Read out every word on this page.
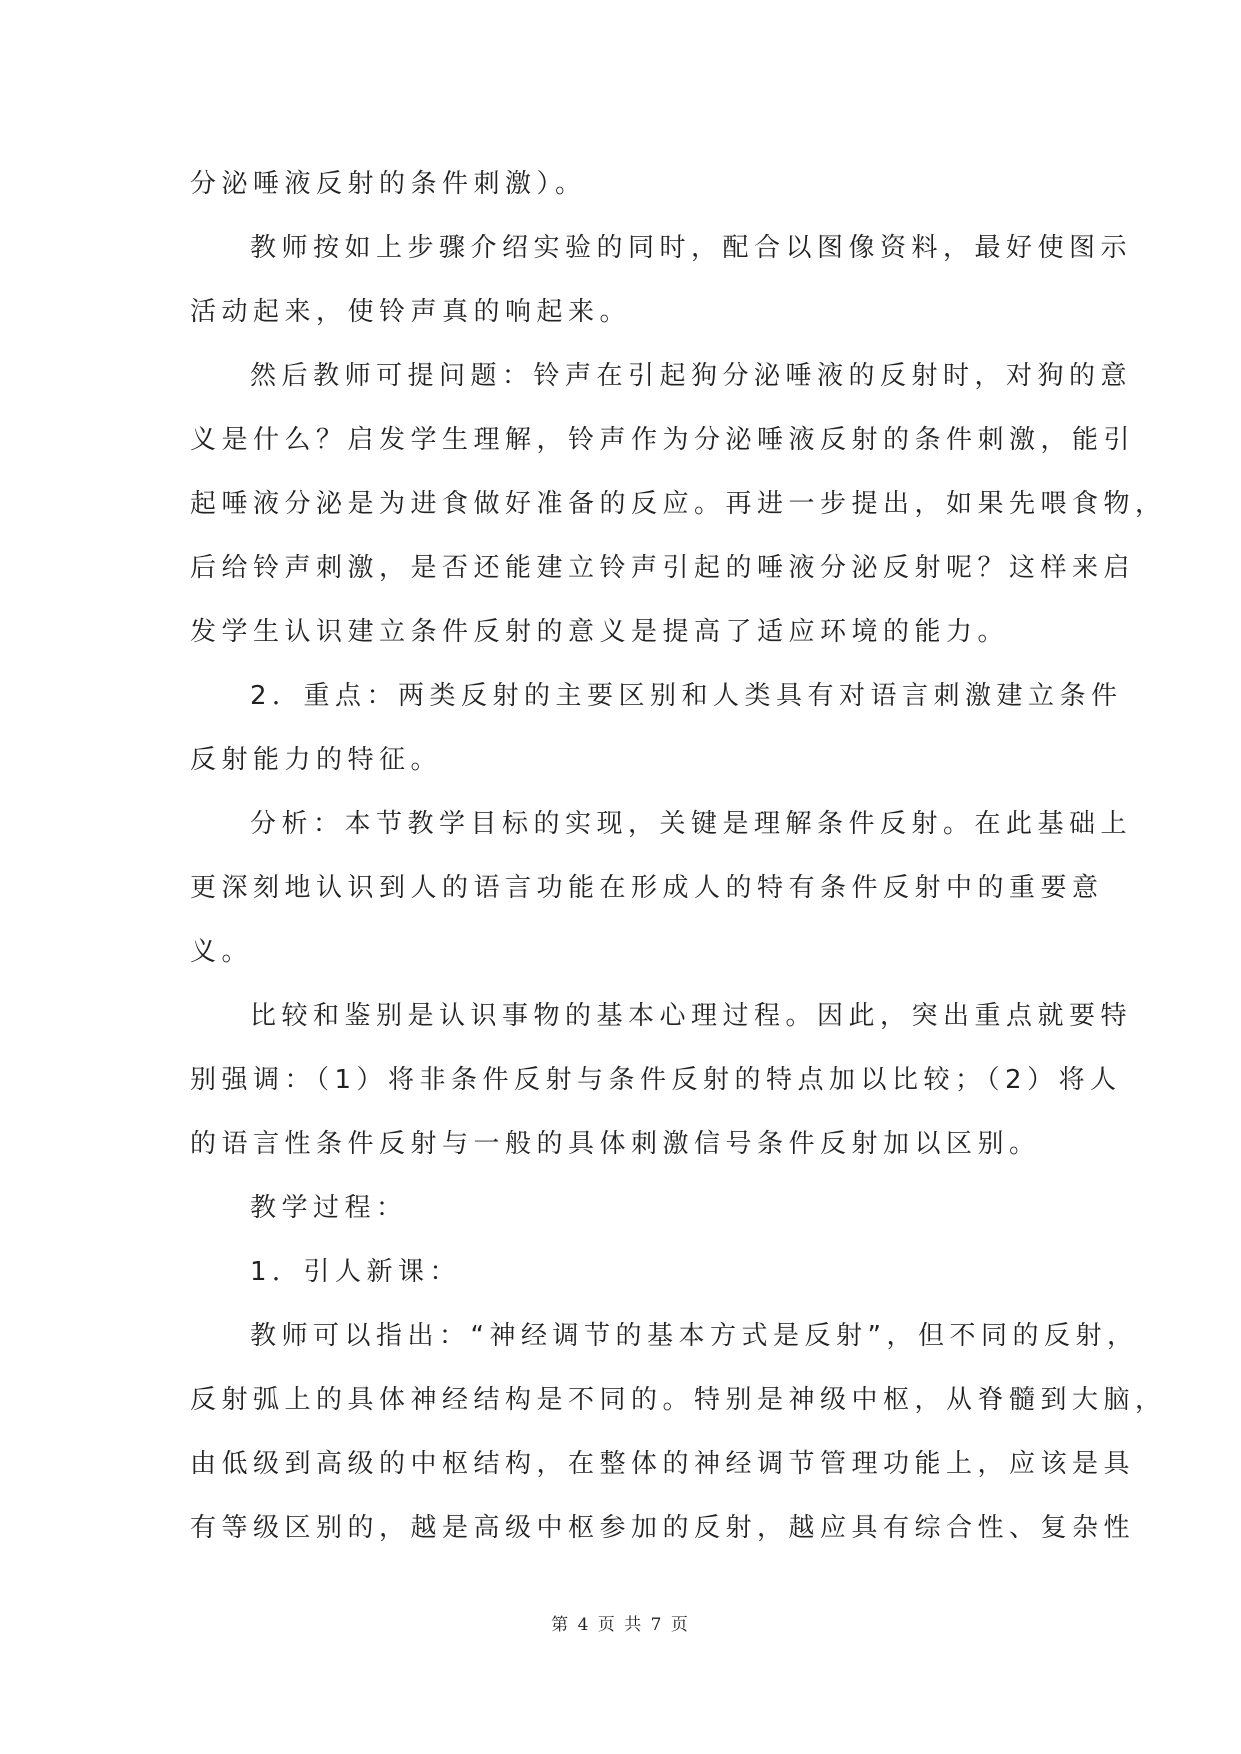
分泌唾液反射的条件刺激）。
教师按如上步骤介绍实验的同时，配合以图像资料，最好使图示
活动起来，使铃声真的响起来。
然后教师可提问题：铃声在引起狗分泌唾液的反射时，对狗的意
义是什么？启发学生理解，铃声作为分泌唾液反射的条件刺激，能引
起唾液分泌是为进食做好准备的反应。再进一步提出，如果先喂食物，
后给铃声刺激，是否还能建立铃声引起的唾液分泌反射呢？这样来启
发学生认识建立条件反射的意义是提高了适应环境的能力。
2．重点：两类反射的主要区别和人类具有对语言刺激建立条件
反射能力的特征。
分析：本节教学目标的实现，关键是理解条件反射。在此基础上
更深刻地认识到人的语言功能在形成人的特有条件反射中的重要意
义。
比较和鉴别是认识事物的基本心理过程。因此，突出重点就要特
别强调：（1）将非条件反射与条件反射的特点加以比较；（2）将人
的语言性条件反射与一般的具体刺激信号条件反射加以区别。
教学过程：
1．引人新课：
教师可以指出：“神经调节的基本方式是反射”，但不同的反射，
反射弧上的具体神经结构是不同的。特别是神级中枢，从脊髓到大脑，
由低级到高级的中枢结构，在整体的神经调节管理功能上，应该是具
有等级区别的，越是高级中枢参加的反射，越应具有综合性、复杂性
第 4 页 共 7 页
